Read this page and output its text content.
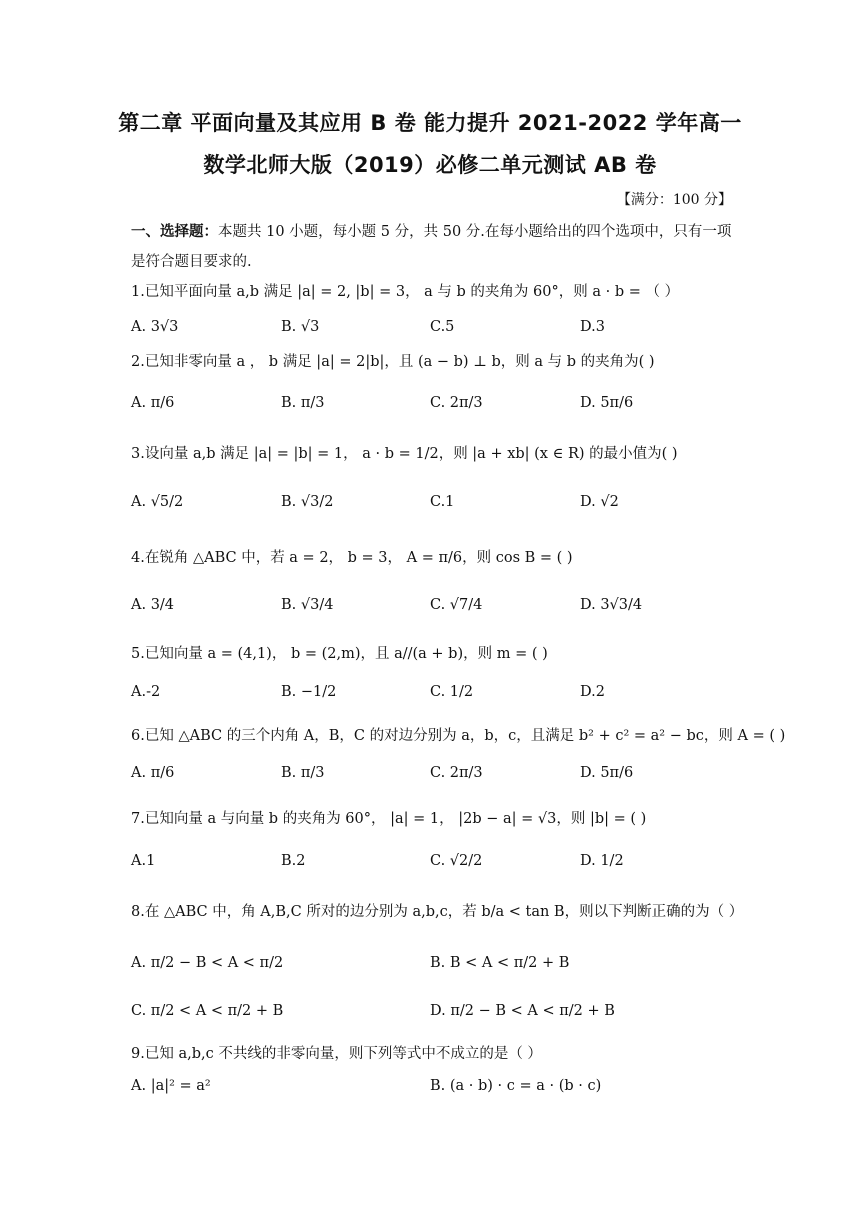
第二章 平面向量及其应用 B 卷 能力提升 2021-2022 学年高一
数学北师大版（2019）必修二单元测试 AB 卷
【满分：100 分】
一、选择题：本题共 10 小题，每小题 5 分，共 50 分.在每小题给出的四个选项中，只有一项是符合题目要求的.
1.已知平面向量 a,b 满足 |a| = 2, |b| = 3， a 与 b 的夹角为 60°，则 a · b = （ ）
A. 3√3	B. √3	C.5	D.3
2.已知非零向量 a ， b 满足 |a| = 2|b|，且 (a − b) ⊥ b，则 a 与 b 的夹角为( )
A. π/6	B. π/3	C. 2π/3	D. 5π/6
3.设向量 a,b 满足 |a| = |b| = 1， a · b = 1/2，则 |a + xb| (x ∈ R) 的最小值为( )
A. √5/2	B. √3/2	C.1	D. √2
4.在锐角 △ABC 中，若 a = 2， b = 3， A = π/6，则 cos B = ( )
A. 3/4	B. √3/4	C. √7/4	D. 3√3/4
5.已知向量 a = (4,1)， b = (2,m)，且 a//(a + b)，则 m = ( )
A.-2	B. −1/2	C. 1/2	D.2
6.已知 △ABC 的三个内角 A，B，C 的对边分别为 a，b，c，且满足 b² + c² = a² − bc，则 A = ( )
A. π/6	B. π/3	C. 2π/3	D. 5π/6
7.已知向量 a 与向量 b 的夹角为 60°， |a| = 1， |2b − a| = √3，则 |b| = ( )
A.1	B.2	C. √2/2	D. 1/2
8.在 △ABC 中，角 A,B,C 所对的边分别为 a,b,c，若 b/a < tan B，则以下判断正确的为（ ）
A. π/2 − B < A < π/2	B. B < A < π/2 + B
C. π/2 < A < π/2 + B	D. π/2 − B < A < π/2 + B
9.已知 a,b,c 不共线的非零向量，则下列等式中不成立的是（ ）
A. |a|² = a²	B. (a · b) · c = a · (b · c)
